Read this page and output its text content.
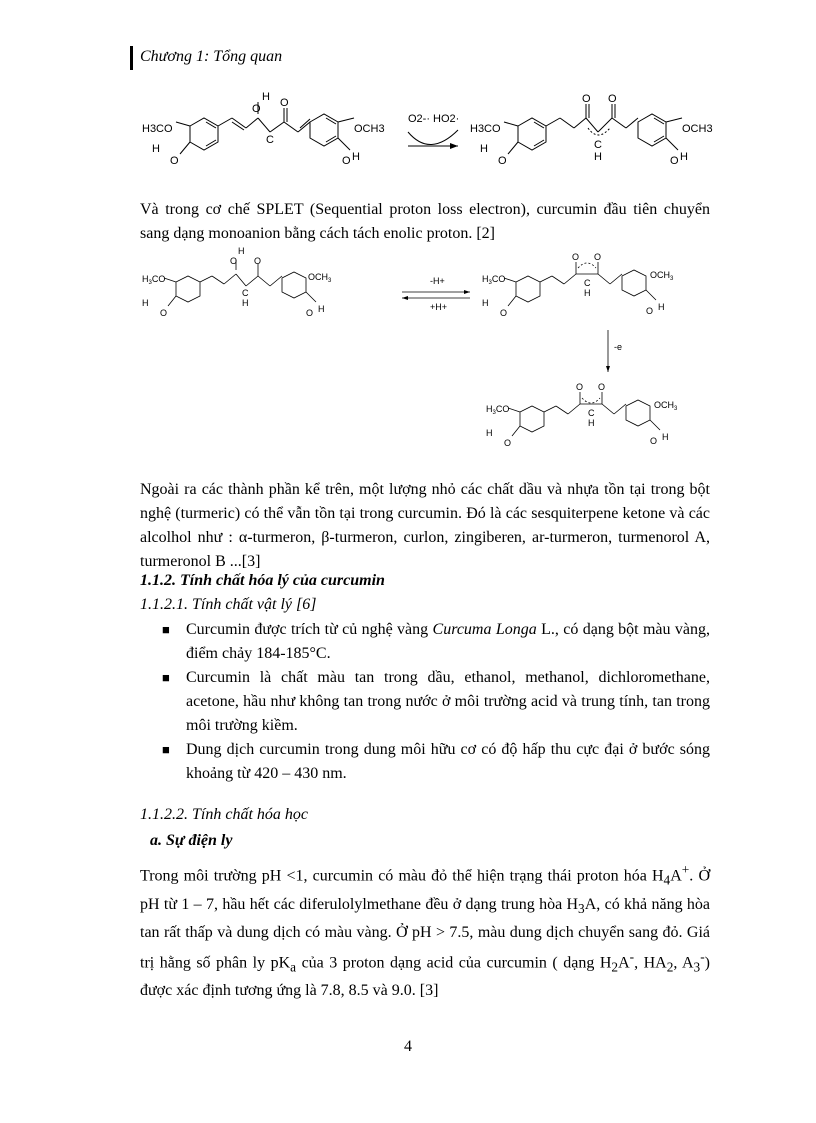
Chương 1: Tổng quan
H3CO
H
O
O
H O
C
OCH3
O H
O2-· HO2·
H3CO
H
O
O O
C
H
OCH3
O H

Và trong cơ chế SPLET (Sequential proton loss electron), curcumin đầu tiên chuyển sang dạng monoanion bằng cách tách enolic proton. [2]

$H_3CO$
H
O
O
H
O
C
H
$OCH_3$
O H
-H+
+H+
$H_3CO$
H
O
O O
C
H
$OCH_3$
O H
-e
$H_3CO$
H
O
O O
C
H
$OCH_3$
O H

Ngoài ra các thành phần kể trên, một lượng nhỏ các chất dầu và nhựa tồn tại trong bột nghệ (turmeric) có thể vẫn tồn tại trong curcumin. Đó là các sesquiterpene ketone và các alcolhol như : α-turmeron, β-turmeron, curlon, zingiberen, ar-turmeron, turmenorol A, turmeronol B ...[3]

1.1.2. Tính chất hóa lý của curcumin
1.1.2.1. Tính chất vật lý [6]
■ Curcumin được trích từ củ nghệ vàng Curcuma Longa L., có dạng bột màu vàng, điểm chảy 184-185°C.

■ Curcumin là chất màu tan trong dầu, ethanol, methanol, dichloromethane, acetone, hầu như không tan trong nước ở môi trường acid và trung tính, tan trong môi trường kiềm.

■ Dung dịch curcumin trong dung môi hữu cơ có độ hấp thu cực đại ở bước sóng khoảng từ 420 – 430 nm.

1.1.2.2. Tính chất hóa học
a. Sự điện ly

Trong môi trường pH <1, curcumin có màu đỏ thể hiện trạng thái proton hóa $H_4A^+$. Ở pH từ 1 – 7, hầu hết các diferulolylmethane đều ở dạng trung hòa $H_3A$, có khả năng hòa tan rất thấp và dung dịch có màu vàng. Ở pH > 7.5, màu dung dịch chuyển sang đỏ. Giá trị hằng số phân ly $pK_a$ của 3 proton dạng acid của curcumin ( dạng $H_2A^-$, $HA_2$, $A_3^-$) được xác định tương ứng là 7.8, 8.5 và 9.0. [3]

4
